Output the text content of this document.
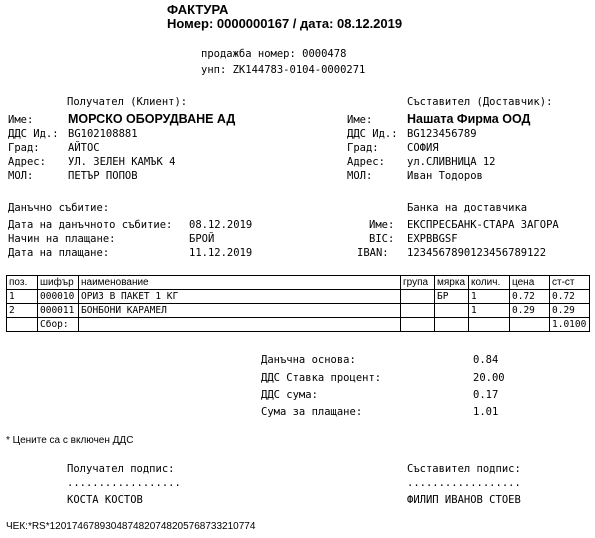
ФАКТУРА
Номер: 0000000167 / дата: 08.12.2019
продажба номер: 0000478
унп: ZK144783-0104-0000271
Получател (Клиент):
Име:	МОРСКО ОБОРУДВАНЕ АД
ДДС Ид.: BG102108881
Град:	АЙТОС
Адрес: УЛ. ЗЕЛЕН КАМЪК 4
МОЛ:	ПЕТЪР ПОПОВ
Съставител (Доставчик):
Име:	Нашата Фирма ООД
ДДС Ид.: BG123456789
Град:	СОФИЯ
Адрес: ул.СЛИВНИЦА 12
МОЛ:	Иван Тодоров
Данъчно събитие:
Дата на данъчното събитие: 08.12.2019
Начин на плащане:	БРОЙ
Дата на плащане:	11.12.2019
Банка на доставчика
Име: ЕКСПРЕСБАНК-СТАРА ЗАГОРА
BIC: EXPBBGSF
IBAN: 1234567890123456789122
поз.	шифър	наименование	група	мярка	колич.	цена	ст-ст
1	000010	ОРИЗ В ПАКЕТ 1 КГ		БР	1	0.72	0.72
2	000011	БОНБОНИ КАРАМЕЛ			1	0.29	0.29
	Сбор:						1.0100
Данъчна основа:	0.84
ДДС Ставка процент:	20.00
ДДС сума:	0.17
Сума за плащане:	1.01
* Цените са с включен ДДС
Получател подпис:
..................
КОСТА КОСТОВ
Съставител подпис:
..................
ФИЛИП ИВАНОВ СТОЕВ
ЧЕК:*RS*1201746789304874820748205768733210774
